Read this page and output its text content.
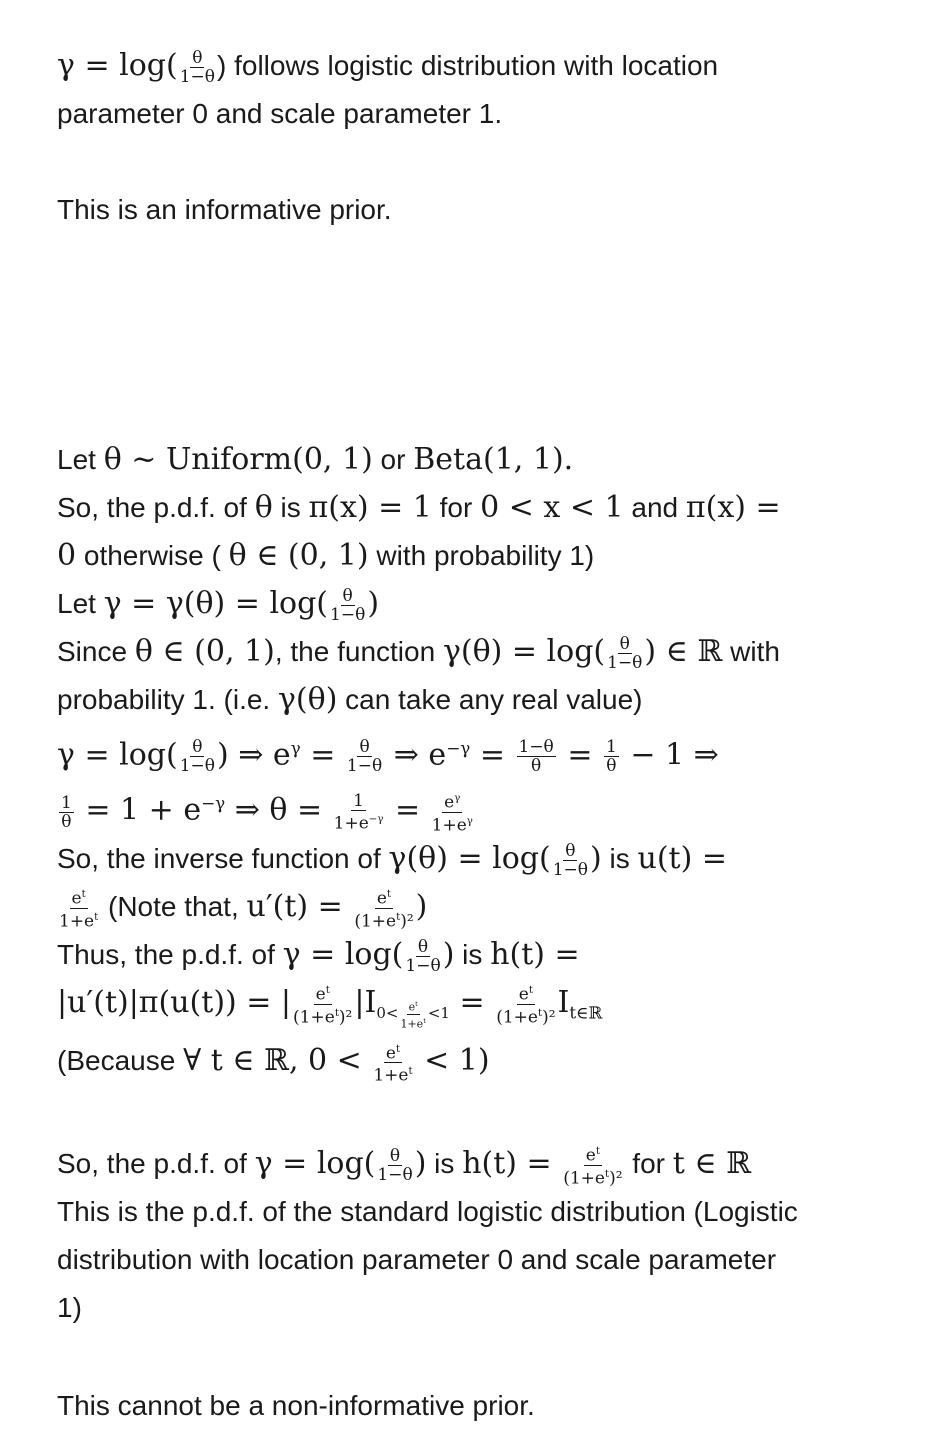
$\gamma = \log( \frac{\theta}{1-\theta}$ ) follows logistic distribution with location
parameter 0 and scale parameter 1.
This is an informative prior.
Let θ ~ Uniform(0, 1) or Beta(1, 1).
So, the p.d.f. of θ is π(x) = 1 for 0 < x < 1 and π(x) =
0 otherwise ( θ ∈ (0, 1) with probability 1)
Let $\gamma = \gamma(\theta) = \log( \frac{\theta}{1-\theta}$ )
Since θ ∈ (0, 1), the function $\gamma(\theta) = \log( \frac{\theta}{1-\theta}$ ) ∈ ℝ with
probability 1. (i.e. γ(θ) can take any real value)
$\gamma = \log( \frac{\theta}{1-\theta}$ ) ⇒ $e^\gamma = \frac{\theta}{1-\theta}$ ⇒ $e^{-\gamma} = \frac{1-\theta}{\theta} = \frac{1}{\theta} - 1$ ⇒
$\frac{1}{\theta} = 1 + e^{-\gamma}$ ⇒ $\theta = \frac{1}{1+e^{-\gamma}} = \frac{e^\gamma}{1+e^\gamma}$
So, the inverse function of $\gamma(\theta) = \log( \frac{\theta}{1-\theta}$ ) is u(t) =
$\frac{e^t}{1+e^t}$ (Note that, $u'(t) = \frac{e^t}{(1+e^t)^2}$ )
Thus, the p.d.f. of $\gamma = \log( \frac{\theta}{1-\theta}$ ) is h(t) =
|u′(t)|π(u(t)) = | $\frac{e^t}{(1+e^t)^2} |I_{0< \frac{e^t}{1+e^t} <1} = \frac{e^t}{(1+e^t)^2} I_{t\in ℝ}$
(Because ∀ t ∈ ℝ, $0 < \frac{e^t}{1+e^t} < 1$)
So, the p.d.f. of $\gamma = \log( \frac{\theta}{1-\theta}$ ) is $h(t) = \frac{e^t}{(1+e^t)^2}$ for t ∈ ℝ
This is the p.d.f. of the standard logistic distribution (Logistic
distribution with location parameter 0 and scale parameter
1)
This cannot be a non-informative prior.
